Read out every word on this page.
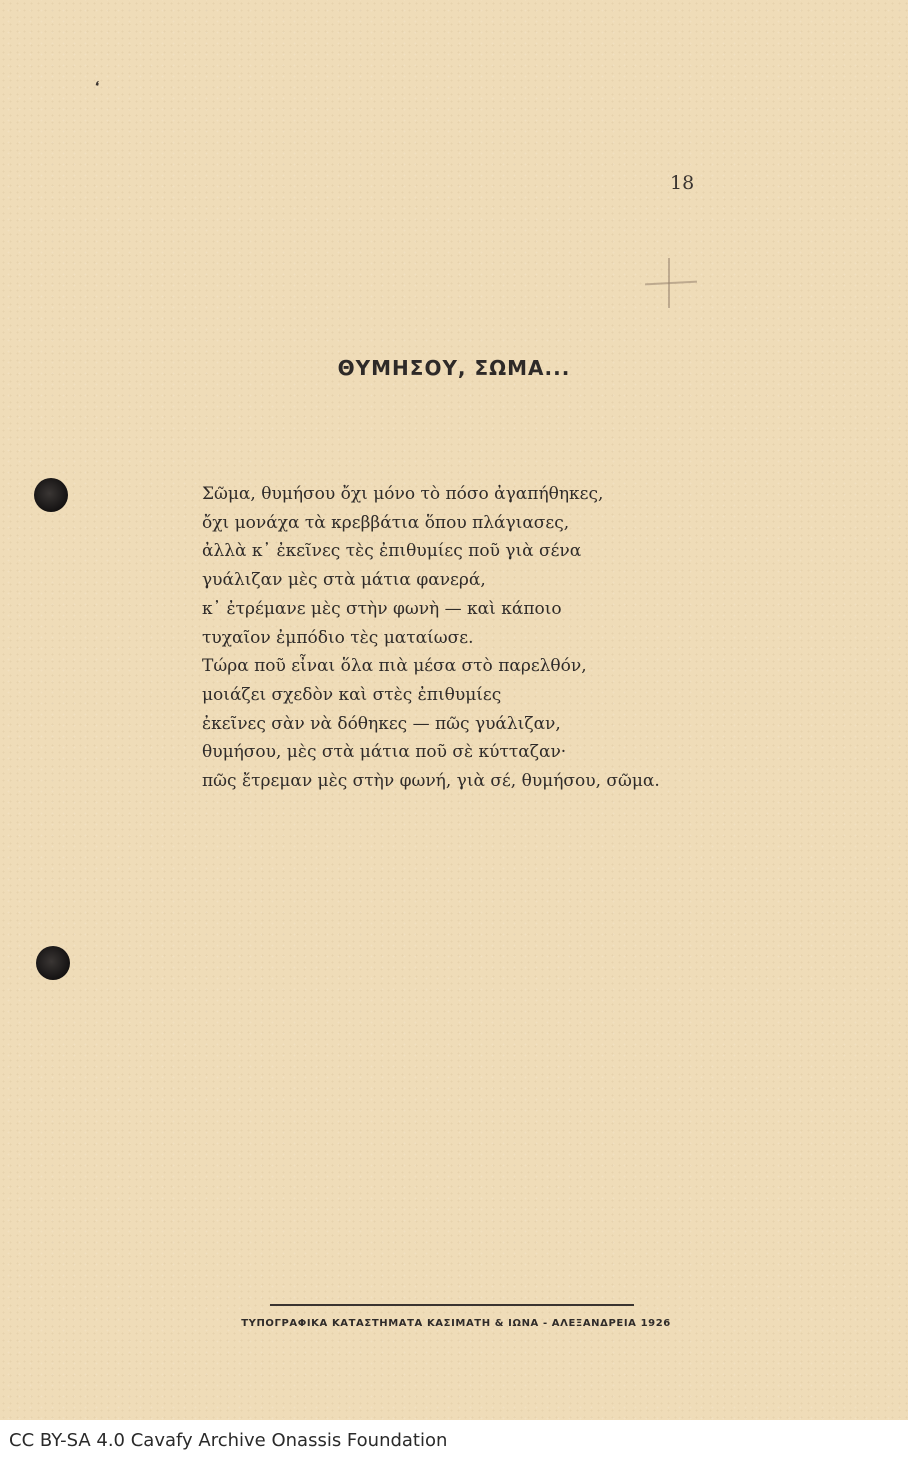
❛
18
ΘΥΜΗΣΟΥ, ΣΩΜΑ...
Σῶμα, θυμήσου ὄχι μόνο τὸ πόσο ἀγαπήθηκες,
ὄχι μονάχα τὰ κρεββάτια ὅπου πλάγιασες,
ἀλλὰ κ᾽ ἐκεῖνες τὲς ἐπιθυμίες ποῦ γιὰ σένα
γυάλιζαν μὲς στὰ μάτια φανερά,
κ᾽ ἐτρέμανε μὲς στὴν φωνὴ — καὶ κάποιο
τυχαῖον ἐμπόδιο τὲς ματαίωσε.
Τώρα ποῦ εἶναι ὅλα πιὰ μέσα στὸ παρελθόν,
μοιάζει σχεδὸν καὶ στὲς ἐπιθυμίες
ἐκεῖνες σὰν νὰ δόθηκες — πῶς γυάλιζαν,
θυμήσου, μὲς στὰ μάτια ποῦ σὲ κύτταζαν·
πῶς ἔτρεμαν μὲς στὴν φωνή, γιὰ σέ, θυμήσου, σῶμα.
ΤΥΠΟΓΡΑΦΙΚΑ ΚΑΤΑΣΤΗΜΑΤΑ ΚΑΣΙΜΑΤΗ & ΙΩΝΑ - ΑΛΕΞΑΝΔΡΕΙΑ 1926
CC BY-SA 4.0 Cavafy Archive Onassis Foundation
